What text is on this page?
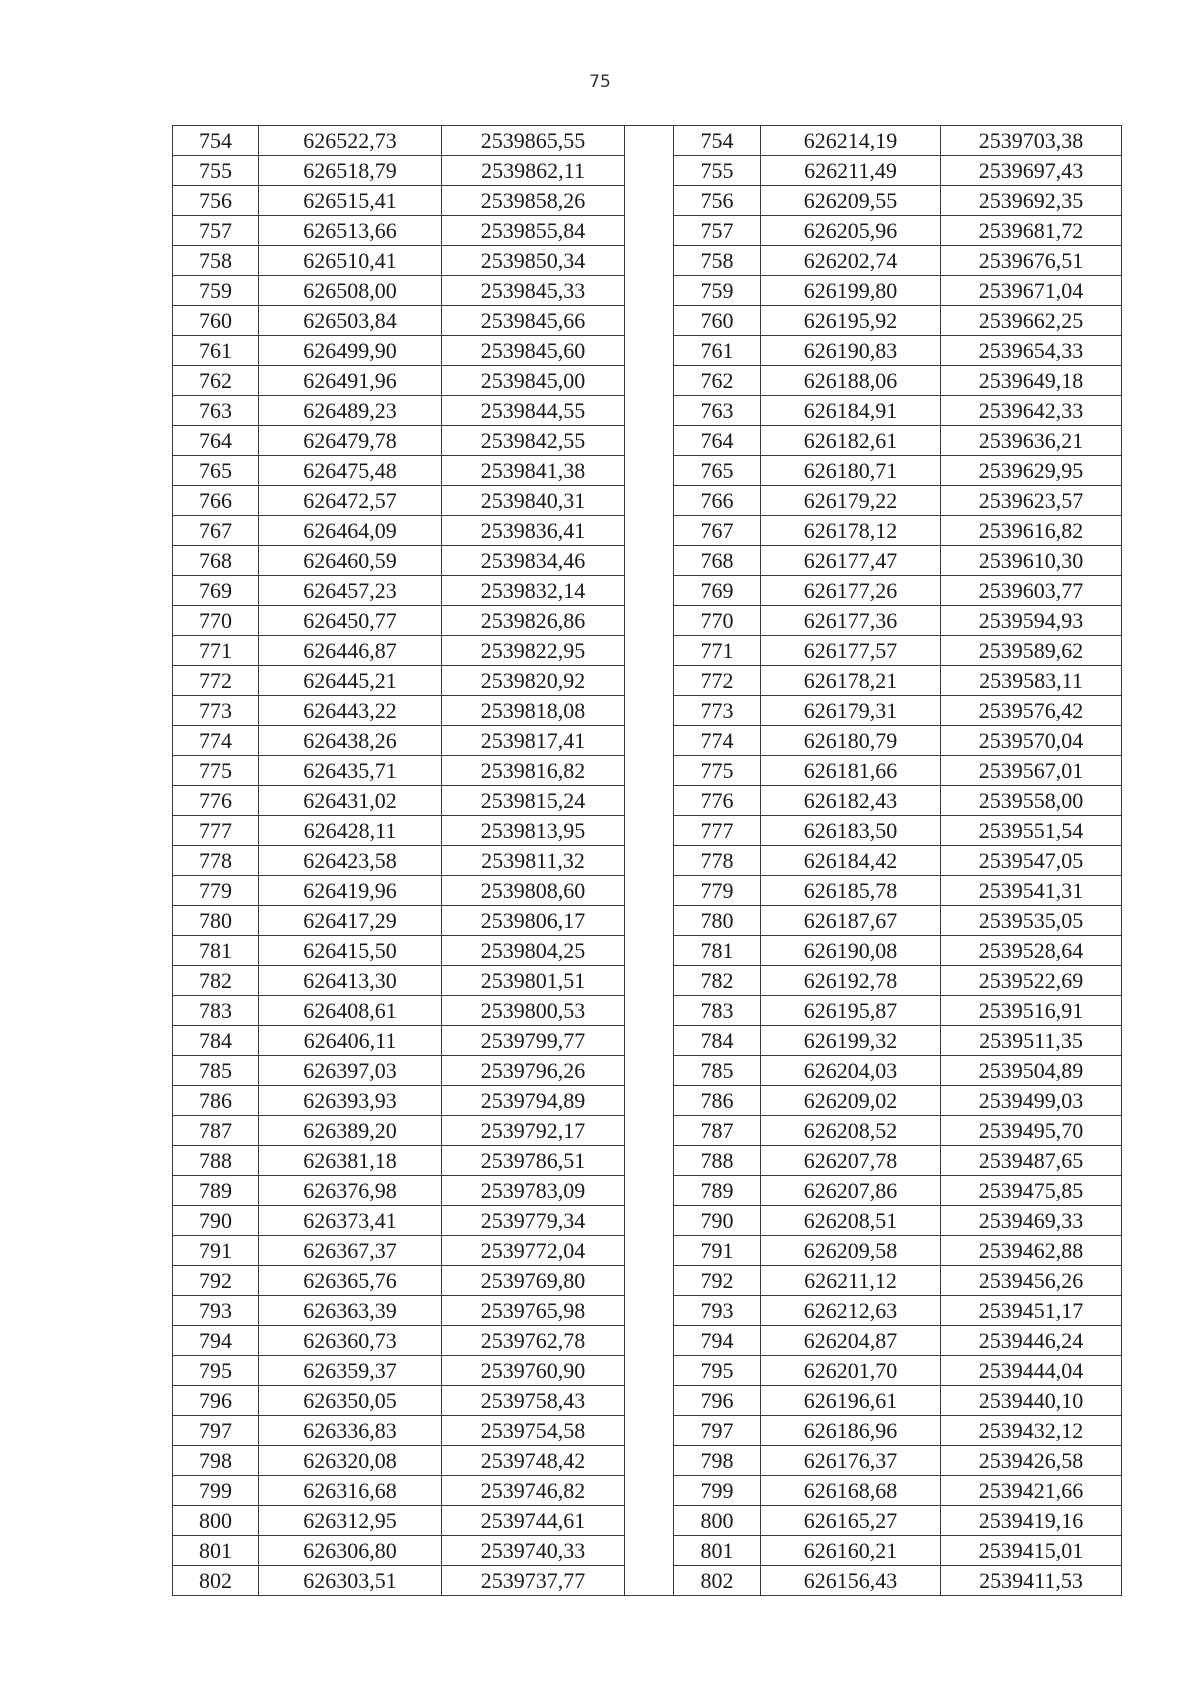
75
754	626522,73	2539865,55		754	626214,19	2539703,38
755	626518,79	2539862,11		755	626211,49	2539697,43
756	626515,41	2539858,26		756	626209,55	2539692,35
757	626513,66	2539855,84		757	626205,96	2539681,72
758	626510,41	2539850,34		758	626202,74	2539676,51
759	626508,00	2539845,33		759	626199,80	2539671,04
760	626503,84	2539845,66		760	626195,92	2539662,25
761	626499,90	2539845,60		761	626190,83	2539654,33
762	626491,96	2539845,00		762	626188,06	2539649,18
763	626489,23	2539844,55		763	626184,91	2539642,33
764	626479,78	2539842,55		764	626182,61	2539636,21
765	626475,48	2539841,38		765	626180,71	2539629,95
766	626472,57	2539840,31		766	626179,22	2539623,57
767	626464,09	2539836,41		767	626178,12	2539616,82
768	626460,59	2539834,46		768	626177,47	2539610,30
769	626457,23	2539832,14		769	626177,26	2539603,77
770	626450,77	2539826,86		770	626177,36	2539594,93
771	626446,87	2539822,95		771	626177,57	2539589,62
772	626445,21	2539820,92		772	626178,21	2539583,11
773	626443,22	2539818,08		773	626179,31	2539576,42
774	626438,26	2539817,41		774	626180,79	2539570,04
775	626435,71	2539816,82		775	626181,66	2539567,01
776	626431,02	2539815,24		776	626182,43	2539558,00
777	626428,11	2539813,95		777	626183,50	2539551,54
778	626423,58	2539811,32		778	626184,42	2539547,05
779	626419,96	2539808,60		779	626185,78	2539541,31
780	626417,29	2539806,17		780	626187,67	2539535,05
781	626415,50	2539804,25		781	626190,08	2539528,64
782	626413,30	2539801,51		782	626192,78	2539522,69
783	626408,61	2539800,53		783	626195,87	2539516,91
784	626406,11	2539799,77		784	626199,32	2539511,35
785	626397,03	2539796,26		785	626204,03	2539504,89
786	626393,93	2539794,89		786	626209,02	2539499,03
787	626389,20	2539792,17		787	626208,52	2539495,70
788	626381,18	2539786,51		788	626207,78	2539487,65
789	626376,98	2539783,09		789	626207,86	2539475,85
790	626373,41	2539779,34		790	626208,51	2539469,33
791	626367,37	2539772,04		791	626209,58	2539462,88
792	626365,76	2539769,80		792	626211,12	2539456,26
793	626363,39	2539765,98		793	626212,63	2539451,17
794	626360,73	2539762,78		794	626204,87	2539446,24
795	626359,37	2539760,90		795	626201,70	2539444,04
796	626350,05	2539758,43		796	626196,61	2539440,10
797	626336,83	2539754,58		797	626186,96	2539432,12
798	626320,08	2539748,42		798	626176,37	2539426,58
799	626316,68	2539746,82		799	626168,68	2539421,66
800	626312,95	2539744,61		800	626165,27	2539419,16
801	626306,80	2539740,33		801	626160,21	2539415,01
802	626303,51	2539737,77		802	626156,43	2539411,53
